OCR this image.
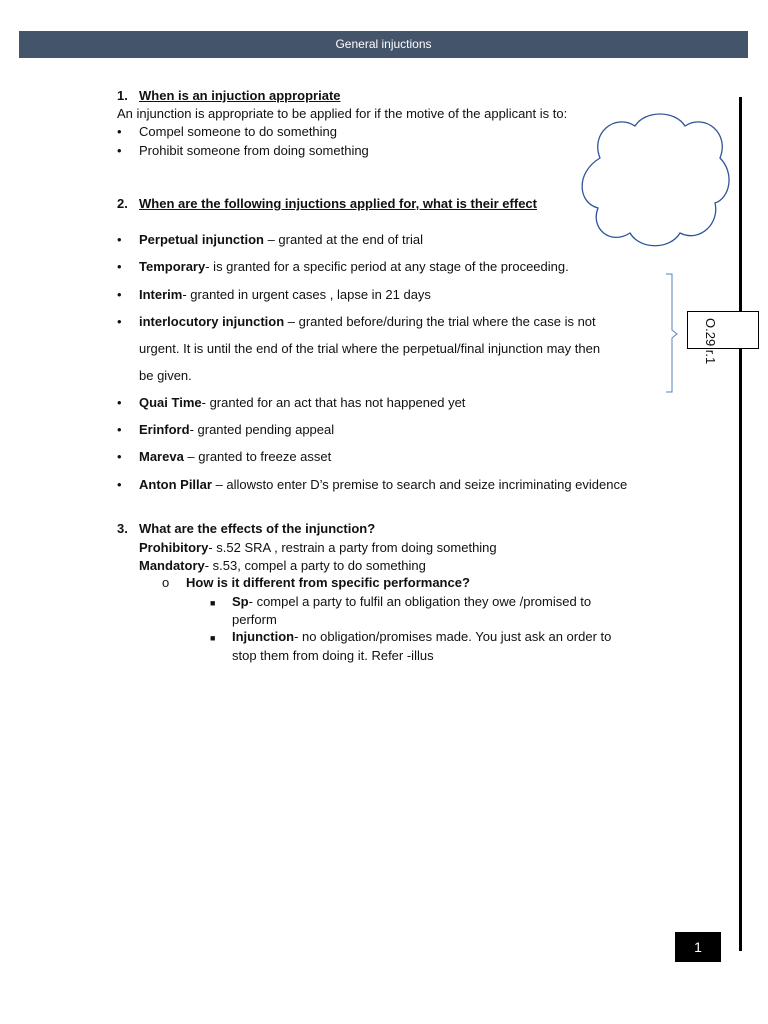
General injuctions
1. When is an injuction appropriate
An injunction is appropriate to be applied for if the motive of the applicant is to:
• Compel someone to do something
• Prohibit someone from doing something
2. When are the following injuctions applied for, what is their effect
• Perpetual injunction – granted at the end of trial
• Temporary- is granted for a specific period at any stage of the proceeding.
• Interim- granted in urgent cases , lapse in 21 days
• interlocutory injunction – granted before/during the trial where the case is not
urgent. It is until the end of the trial where the perpetual/final injunction may then
be given.
• Quai Time- granted for an act that has not happened yet
• Erinford- granted pending appeal
• Mareva – granted to freeze asset
• Anton Pillar – allowsto enter D’s premise to search and seize incriminating evidence
3. What are the effects of the injunction?
Prohibitory- s.52 SRA , restrain a party from doing something
Mandatory- s.53, compel a party to do something
o How is it different from specific performance?
■ Sp- compel a party to fulfil an obligation they owe /promised to
perform
■ Injunction- no obligation/promises made. You just ask an order to
stop them from doing it. Refer -illus
O.29 r.1
1
